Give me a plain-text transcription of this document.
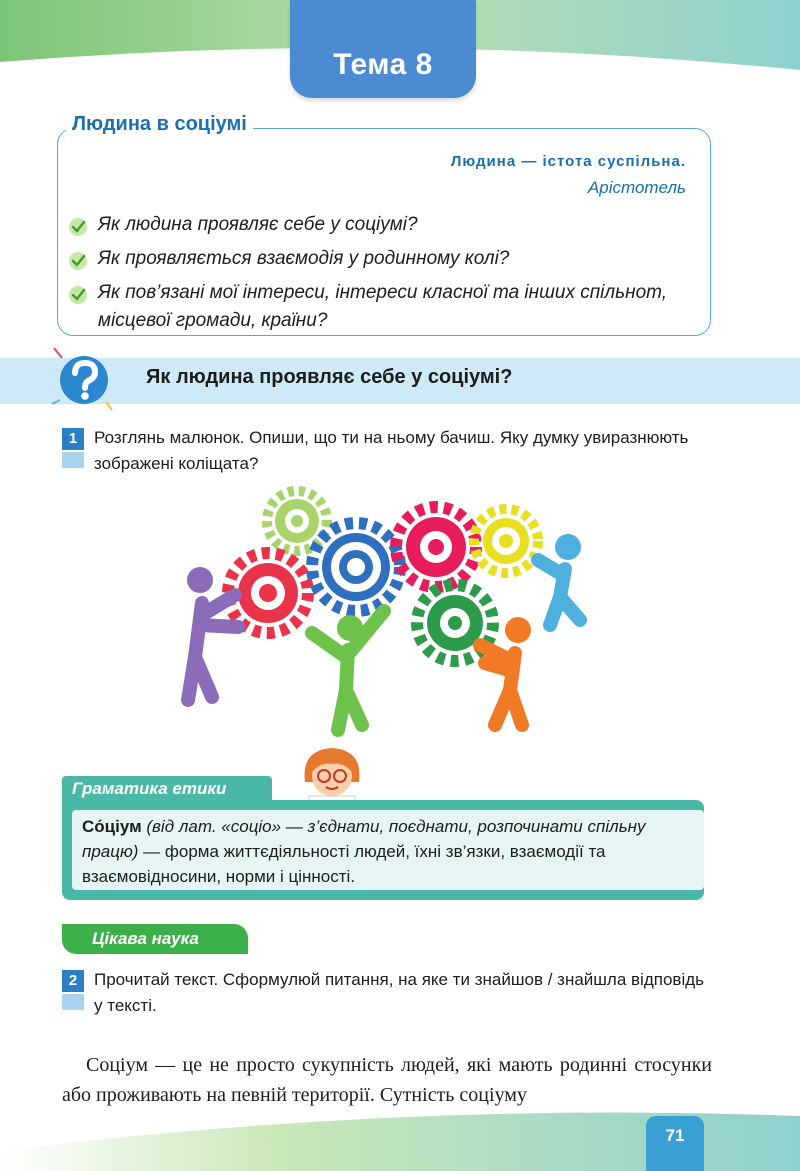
Тема 8
Людина в соціумі
Людина — істота суспільна.
Арістотель
Як людина проявляє себе у соціумі?
Як проявляється взаємодія у родинному колі?
Як пов’язані мої інтереси, інтереси класної та інших спільнот, місцевої громади, країни?
Як людина проявляє себе у соціумі?
1 Розглянь малюнок. Опиши, що ти на ньому бачиш. Яку думку увиразнюють зображені коліщата?
Граматика етики
Со́ціум (від лат. «соціо» — з’єднати, поєднати, розпочинати спільну працю) — форма життєдіяльності людей, їхні зв’язки, взаємодії та взаємовідносини, норми і цінності.
Цікава наука
2 Прочитай текст. Сформулюй питання, на яке ти знайшов / знайшла відповідь у тексті.
Соціум — це не просто сукупність людей, які мають родинні стосунки або проживають на певній території. Сутність соціуму
71
